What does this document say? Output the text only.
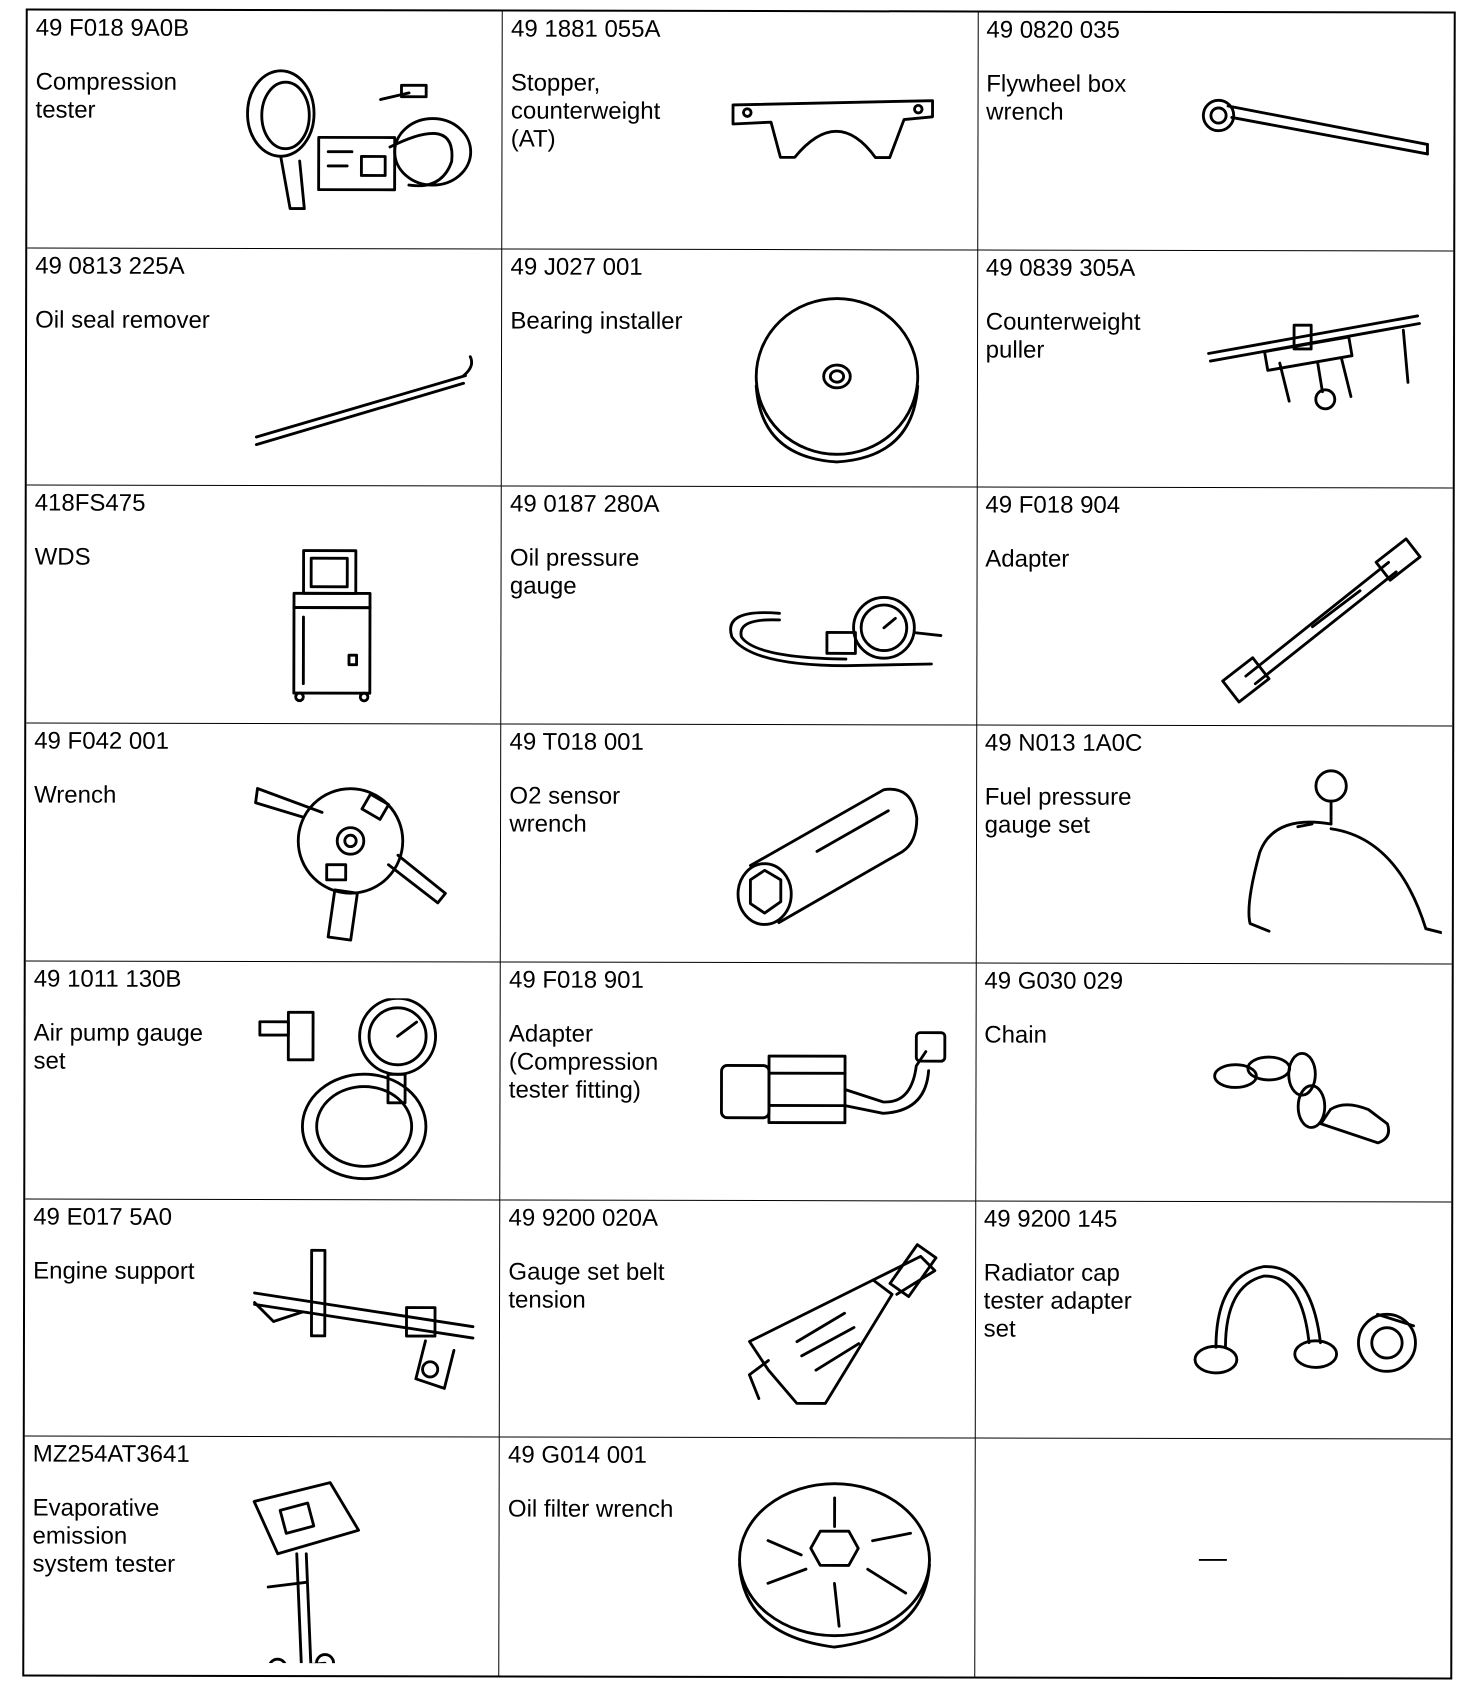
49 F018 9A0B
Compression
tester
49 1881 055A
Stopper,
counterweight
(AT)
49 0820 035
Flywheel box
wrench
49 0813 225A
Oil seal remover
49 J027 001
Bearing installer
49 0839 305A
Counterweight
puller
418FS475
WDS
49 0187 280A
Oil pressure
gauge
49 F018 904
Adapter
49 F042 001
Wrench
49 T018 001
O2 sensor
wrench
49 N013 1A0C
Fuel pressure
gauge set
49 1011 130B
Air pump gauge
set
49 F018 901
Adapter
(Compression
tester fitting)
49 G030 029
Chain
49 E017 5A0
Engine support
49 9200 020A
Gauge set belt
tension
49 9200 145
Radiator cap
tester adapter
set
MZ254AT3641
Evaporative
emission
system tester
49 G014 001
Oil filter wrench
—
